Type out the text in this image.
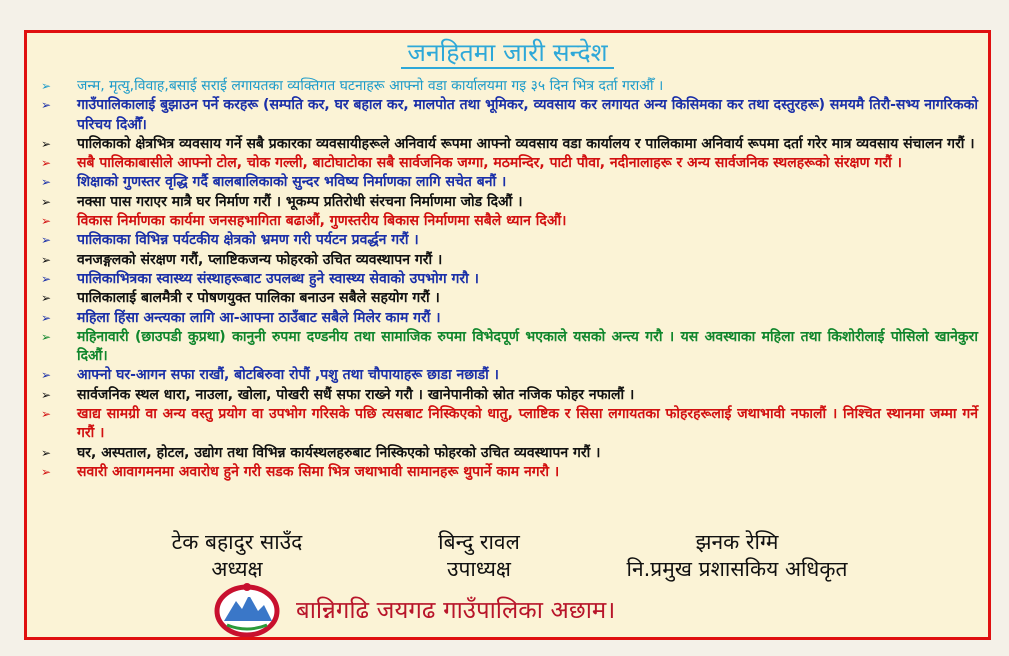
जनहितमा जारी सन्देश
➢	जन्म, मृत्यु,विवाह,बसाई सराई लगायतका व्यक्तिगत घटनाहरू आफ्नो वडा कार्यालयमा गइ ३५ दिन भित्र दर्ता गराऔँ ।
➢	गाउँपालिकालाई बुझाउन पर्ने करहरू (सम्पति कर, घर बहाल कर, मालपोत तथा भूमिकर, व्यवसाय कर लगायत अन्य किसिमका कर तथा दस्तुरहरू) समयमै तिरौ-सभ्य नागरिकको परिचय दिऔँ।
➢	पालिकाको क्षेत्रभित्र व्यवसाय गर्ने सबै प्रकारका व्यवसायीहरूले अनिवार्य रूपमा आफ्नो व्यवसाय वडा कार्यालय र पालिकामा अनिवार्य रूपमा दर्ता गरेर मात्र व्यवसाय संचालन गरौं ।
➢	सबै पालिकाबासीले आफ्नो टोल, चोक गल्ली, बाटोघाटोका सबै सार्वजनिक जग्गा, मठमन्दिर, पाटी पौवा, नदीनालाहरू र अन्य सार्वजनिक स्थलहरूको संरक्षण गरौं ।
➢	शिक्षाको गुणस्तर वृद्धि गर्दै बालबालिकाको सुन्दर भविष्य निर्माणका लागि सचेत बनौं ।
➢	नक्सा पास गराएर मात्रै घर निर्माण गरौं । भूकम्प प्रतिरोधी संरचना निर्माणमा जोड दिऔं ।
➢	विकास निर्माणका कार्यमा जनसहभागिता बढाऔं, गुणस्तरीय बिकास निर्माणमा सबैले ध्यान दिऔं।
➢	पालिकाका विभिन्न पर्यटकीय क्षेत्रको भ्रमण गरी पर्यटन प्रवर्द्धन गरौं ।
➢	वनजङ्गलको संरक्षण गरौं, प्लाष्टिकजन्य फोहरको उचित व्यवस्थापन गरौं ।
➢	पालिकाभित्रका स्वास्थ्य संस्थाहरूबाट उपलब्ध हुने स्वास्थ्य सेवाको उपभोग गरौ ।
➢	पालिकालाई बालमैत्री र पोषणयुक्त पालिका बनाउन सबैले सहयोग गरौं ।
➢	महिला हिंसा अन्त्यका लागि आ-आफ्ना ठाउँबाट सबैले मिलेर काम गरौं ।
➢	महिनावारी (छाउपडी कुप्रथा) कानुनी रुपमा दण्डनीय तथा सामाजिक रुपमा विभेदपूर्ण भएकाले यसको अन्त्य गरौ । यस अवस्थाका महिला तथा किशोरीलाई पोसिलो खानेकुरा दिऔं।
➢	आफ्नो घर-आगन सफा राखौं, बोटबिरुवा रोपौं ,पशु तथा चौपायाहरू छाडा नछाडौं ।
➢	सार्वजनिक स्थल धारा, नाउला, खोला, पोखरी सधैं सफा राख्ने गरौ । खानेपानीको स्रोत नजिक फोहर नफालौं ।
➢	खाद्य सामग्री वा अन्य वस्तु प्रयोग वा उपभोग गरिसके पछि त्यसबाट निस्किएको धातु, प्लाष्टिक र सिसा लगायतका फोहरहरूलाई जथाभावी नफालौं । निश्चित स्थानमा जम्मा गर्ने गरौं ।
➢	घर, अस्पताल, होटल, उद्योग तथा विभिन्न कार्यस्थलहरुबाट निस्किएको फोहरको उचित व्यवस्थापन गरौं ।
➢	सवारी आवागमनमा अवारोध हुने गरी सडक सिमा भित्र जथाभावी सामानहरू थुपार्ने काम नगरौ ।
टेक बहादुर साउँद
अध्यक्ष
बिन्दु रावल
उपाध्यक्ष
झनक रेग्मि
नि.प्रमुख प्रशासकिय अधिकृत
बान्निगढि जयगढ गाउँपालिका अछाम।
